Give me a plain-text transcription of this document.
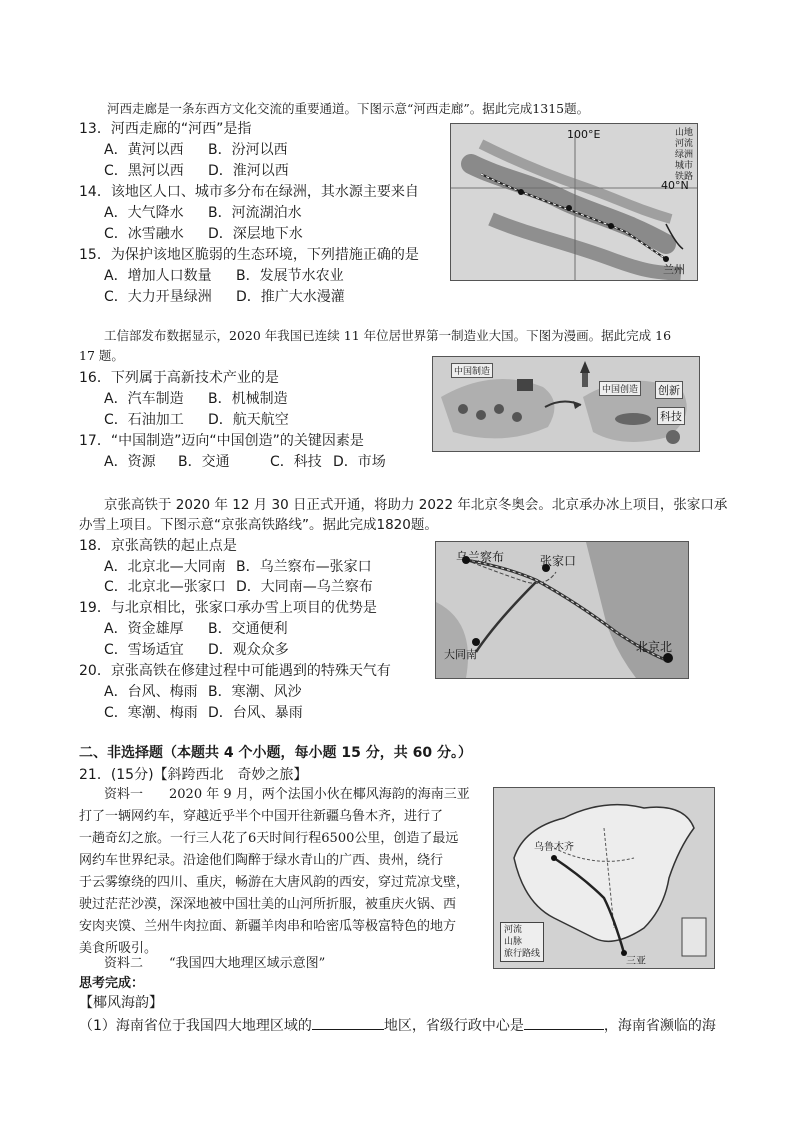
河西走廊是一条东西方文化交流的重要通道。下图示意“河西走廊”。据此完成1315题。
13．河西走廊的“河西”是指
A．黄河以西 B．汾河以西
C．黑河以西 D．淮河以西
14．该地区人口、城市多分布在绿洲，其水源主要来自
A．大气降水 B．河流湖泊水
C．冰雪融水 D．深层地下水
15．为保护该地区脆弱的生态环境，下列措施正确的是
A．增加人口数量 B．发展节水农业
C．大力开垦绿洲 D．推广大水漫灌
100°E
40°N
兰州
山地
河流
绿洲
城市
铁路
工信部发布数据显示，2020 年我国已连续 11 年位居世界第一制造业大国。下图为漫画。据此完成 16
17 题。
16．下列属于高新技术产业的是
A．汽车制造 B．机械制造
C．石油加工 D．航天航空
17．“中国制造”迈向“中国创造”的关键因素是
A．资源 B．交通	C．科技 D．市场
中国制造
中国创造 创新
科技
京张高铁于 2020 年 12 月 30 日正式开通，将助力 2022 年北京冬奥会。北京承办冰上项目，张家口承
办雪上项目。下图示意“京张高铁路线”。据此完成1820题。
18．京张高铁的起止点是
A．北京北—大同南 B．乌兰察布—张家口
C．北京北—张家口 D．大同南—乌兰察布
19．与北京相比，张家口承办雪上项目的优势是
A．资金雄厚 B．交通便利
C．雪场适宜 D．观众众多
20．京张高铁在修建过程中可能遇到的特殊天气有
A．台风、梅雨 B．寒潮、风沙
C．寒潮、梅雨 D．台风、暴雨
乌兰察布	张家口
大同南
北京北
二、非选择题（本题共 4 个小题，每小题 15 分，共 60 分。）
21．(15分)【斜跨西北　奇妙之旅】
资料一　　2020 年 9 月，两个法国小伙在椰风海韵的海南三亚
打了一辆网约车，穿越近乎半个中国开往新疆乌鲁木齐，进行了
一趟奇幻之旅。一行三人花了6天时间行程6500公里，创造了最远
网约车世界纪录。沿途他们陶醉于绿水青山的广西、贵州，绕行
于云雾缭绕的四川、重庆，畅游在大唐风韵的西安，穿过荒凉戈壁，
驶过茫茫沙漠，深深地被中国壮美的山河所折服，被重庆火锅、西
安肉夹馍、兰州牛肉拉面、新疆羊肉串和哈密瓜等极富特色的地方
美食所吸引。
资料二　　“我国四大地理区域示意图”
思考完成：
【椰风海韵】
（1）海南省位于我国四大地理区域的	地区，省级行政中心是	，海南省濒临的海
乌鲁木齐
三亚
河流
山脉
旅行路线
